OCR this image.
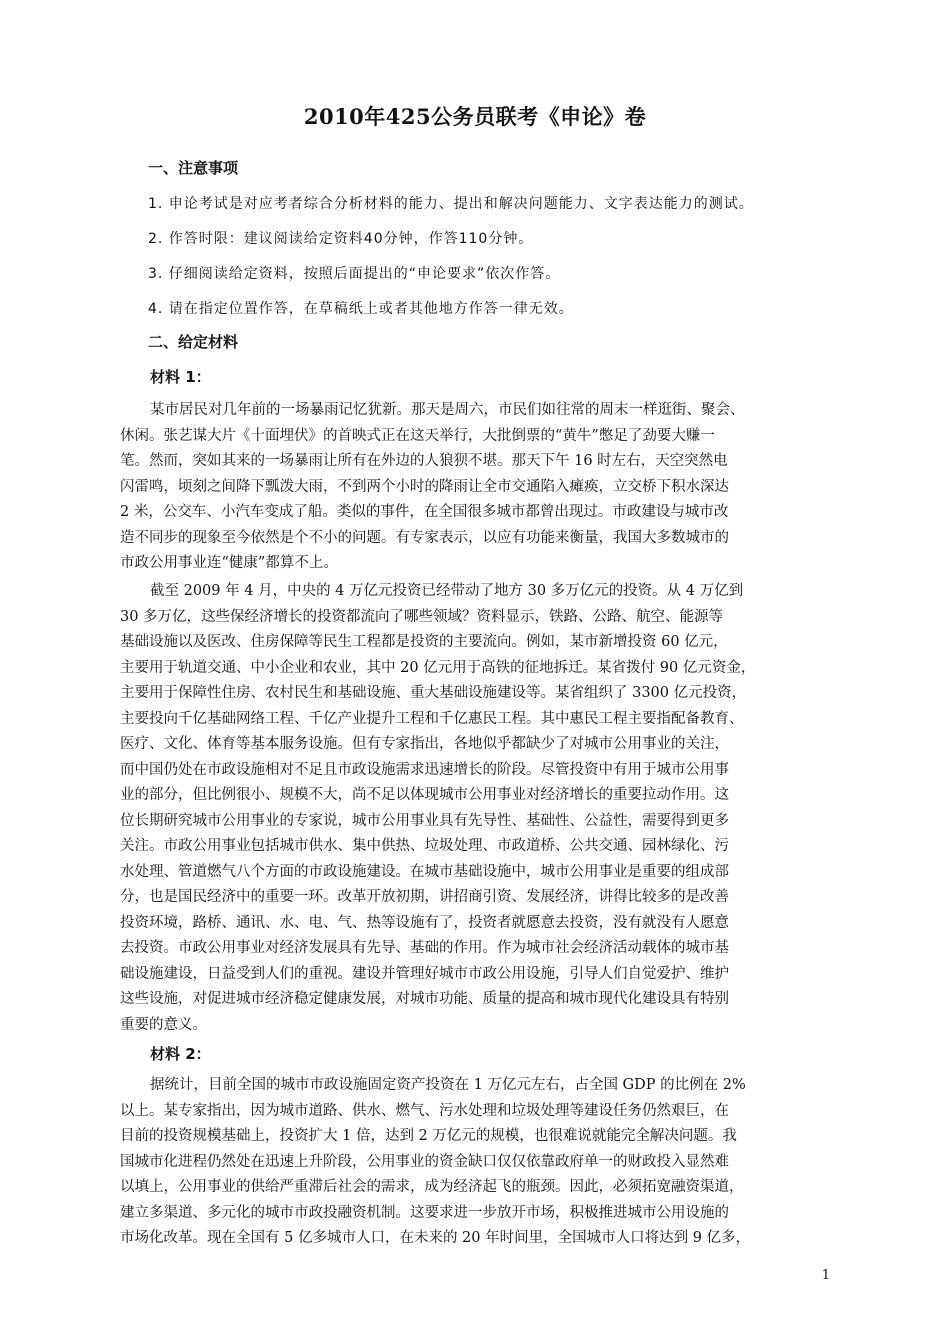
2010年425公务员联考《申论》卷
一、注意事项
1. 申论考试是对应考者综合分析材料的能力、提出和解决问题能力、文字表达能力的测试。
2. 作答时限：建议阅读给定资料40分钟，作答110分钟。
3. 仔细阅读给定资料，按照后面提出的“申论要求”依次作答。
4. 请在指定位置作答，在草稿纸上或者其他地方作答一律无效。
二、给定材料
材料 1：
某市居民对几年前的一场暴雨记忆犹新。那天是周六，市民们如往常的周末一样逛街、聚会、
休闲。张艺谋大片《十面埋伏》的首映式正在这天举行，大批倒票的“黄牛”憋足了劲要大赚一
笔。然而，突如其来的一场暴雨让所有在外边的人狼狈不堪。那天下午 16 时左右，天空突然电
闪雷鸣，顷刻之间降下瓢泼大雨，不到两个小时的降雨让全市交通陷入瘫痪，立交桥下积水深达
2 米，公交车、小汽车变成了船。类似的事件，在全国很多城市都曾出现过。市政建设与城市改
造不同步的现象至今依然是个不小的问题。有专家表示，以应有功能来衡量，我国大多数城市的
市政公用事业连“健康”都算不上。
截至 2009 年 4 月，中央的 4 万亿元投资已经带动了地方 30 多万亿元的投资。从 4 万亿到
30 多万亿，这些保经济增长的投资都流向了哪些领域？资料显示，铁路、公路、航空、能源等
基础设施以及医改、住房保障等民生工程都是投资的主要流向。例如，某市新增投资 60 亿元，
主要用于轨道交通、中小企业和农业，其中 20 亿元用于高铁的征地拆迁。某省拨付 90 亿元资金，
主要用于保障性住房、农村民生和基础设施、重大基础设施建设等。某省组织了 3300 亿元投资，
主要投向千亿基础网络工程、千亿产业提升工程和千亿惠民工程。其中惠民工程主要指配备教育、
医疗、文化、体育等基本服务设施。但有专家指出，各地似乎都缺少了对城市公用事业的关注，
而中国仍处在市政设施相对不足且市政设施需求迅速增长的阶段。尽管投资中有用于城市公用事
业的部分，但比例很小、规模不大，尚不足以体现城市公用事业对经济增长的重要拉动作用。这
位长期研究城市公用事业的专家说，城市公用事业具有先导性、基础性、公益性，需要得到更多
关注。市政公用事业包括城市供水、集中供热、垃圾处理、市政道桥、公共交通、园林绿化、污
水处理、管道燃气八个方面的市政设施建设。在城市基础设施中，城市公用事业是重要的组成部
分，也是国民经济中的重要一环。改革开放初期，讲招商引资、发展经济，讲得比较多的是改善
投资环境，路桥、通讯、水、电、气、热等设施有了，投资者就愿意去投资，没有就没有人愿意
去投资。市政公用事业对经济发展具有先导、基础的作用。作为城市社会经济活动载体的城市基
础设施建设，日益受到人们的重视。建设并管理好城市市政公用设施，引导人们自觉爱护、维护
这些设施，对促进城市经济稳定健康发展，对城市功能、质量的提高和城市现代化建设具有特别
重要的意义。
材料 2：
据统计，目前全国的城市市政设施固定资产投资在 1 万亿元左右，占全国 GDP 的比例在 2%
以上。某专家指出，因为城市道路、供水、燃气、污水处理和垃圾处理等建设任务仍然艰巨，在
目前的投资规模基础上，投资扩大 1 倍，达到 2 万亿元的规模，也很难说就能完全解决问题。我
国城市化进程仍然处在迅速上升阶段，公用事业的资金缺口仅仅依靠政府单一的财政投入显然难
以填上，公用事业的供给严重滞后社会的需求，成为经济起飞的瓶颈。因此，必须拓宽融资渠道，
建立多渠道、多元化的城市市政投融资机制。这要求进一步放开市场，积极推进城市公用设施的
市场化改革。现在全国有 5 亿多城市人口，在未来的 20 年时间里，全国城市人口将达到 9 亿多，
1
